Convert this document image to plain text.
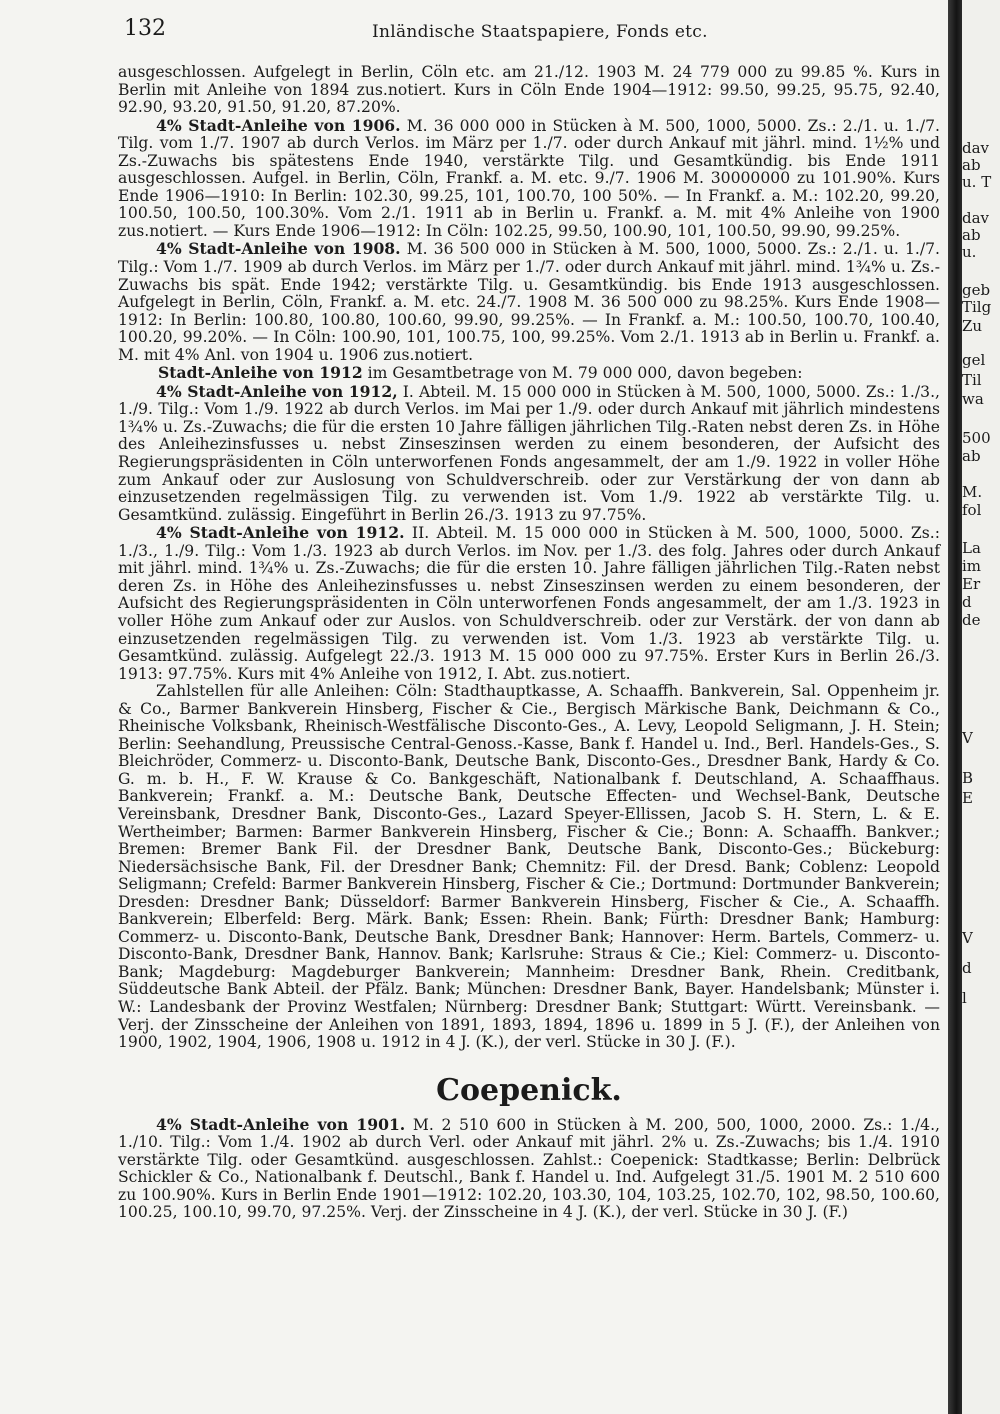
132	Inländische Staatspapiere, Fonds etc.

ausgeschlossen. Aufgelegt in Berlin, Cöln etc. am 21./12. 1903 M. 24 779 000 zu 99.85 %. Kurs in Berlin mit Anleihe von 1894 zus.notiert. Kurs in Cöln Ende 1904—1912: 99.50, 99.25, 95.75, 92.40, 92.90, 93.20, 91.50, 91.20, 87.20%.

4% Stadt-Anleihe von 1906. M. 36 000 000 in Stücken à M. 500, 1000, 5000. Zs.: 2./1. u. 1./7. Tilg. vom 1./7. 1907 ab durch Verlos. im März per 1./7. oder durch Ankauf mit jährl. mind. 1½% und Zs.-Zuwachs bis spätestens Ende 1940, verstärkte Tilg. und Gesamtkündig. bis Ende 1911 ausgeschlossen. Aufgel. in Berlin, Cöln, Frankf. a. M. etc. 9./7. 1906 M. 30000000 zu 101.90%. Kurs Ende 1906—1910: In Berlin: 102.30, 99.25, 101, 100.70, 100 50%. — In Frankf. a. M.: 102.20, 99.20, 100.50, 100.50, 100.30%. Vom 2./1. 1911 ab in Berlin u. Frankf. a. M. mit 4% Anleihe von 1900 zus.notiert. — Kurs Ende 1906—1912: In Cöln: 102.25, 99.50, 100.90, 101, 100.50, 99.90, 99.25%.

4% Stadt-Anleihe von 1908. M. 36 500 000 in Stücken à M. 500, 1000, 5000. Zs.: 2./1. u. 1./7. Tilg.: Vom 1./7. 1909 ab durch Verlos. im März per 1./7. oder durch Ankauf mit jährl. mind. 1¾% u. Zs.-Zuwachs bis spät. Ende 1942; verstärkte Tilg. u. Gesamtkündig. bis Ende 1913 ausgeschlossen. Aufgelegt in Berlin, Cöln, Frankf. a. M. etc. 24./7. 1908 M. 36 500 000 zu 98.25%. Kurs Ende 1908—1912: In Berlin: 100.80, 100.80, 100.60, 99.90, 99.25%. — In Frankf. a. M.: 100.50, 100.70, 100.40, 100.20, 99.20%. — In Cöln: 100.90, 101, 100.75, 100, 99.25%. Vom 2./1. 1913 ab in Berlin u. Frankf. a. M. mit 4% Anl. von 1904 u. 1906 zus.notiert.

Stadt-Anleihe von 1912 im Gesamtbetrage von M. 79 000 000, davon begeben:

4% Stadt-Anleihe von 1912, I. Abteil. M. 15 000 000 in Stücken à M. 500, 1000, 5000. Zs.: 1./3., 1./9. Tilg.: Vom 1./9. 1922 ab durch Verlos. im Mai per 1./9. oder durch Ankauf mit jährlich mindestens 1¾% u. Zs.-Zuwachs; die für die ersten 10 Jahre fälligen jährlichen Tilg.-Raten nebst deren Zs. in Höhe des Anleihezinsfusses u. nebst Zinseszinsen werden zu einem besonderen, der Aufsicht des Regierungspräsidenten in Cöln unterworfenen Fonds angesammelt, der am 1./9. 1922 in voller Höhe zum Ankauf oder zur Auslosung von Schuldverschreib. oder zur Verstärkung der von dann ab einzusetzenden regelmässigen Tilg. zu verwenden ist. Vom 1./9. 1922 ab verstärkte Tilg. u. Gesamtkünd. zulässig. Eingeführt in Berlin 26./3. 1913 zu 97.75%.

4% Stadt-Anleihe von 1912. II. Abteil. M. 15 000 000 in Stücken à M. 500, 1000, 5000. Zs.: 1./3., 1./9. Tilg.: Vom 1./3. 1923 ab durch Verlos. im Nov. per 1./3. des folg. Jahres oder durch Ankauf mit jährl. mind. 1¾% u. Zs.-Zuwachs; die für die ersten 10. Jahre fälligen jährlichen Tilg.-Raten nebst deren Zs. in Höhe des Anleihezinsfusses u. nebst Zinseszinsen werden zu einem besonderen, der Aufsicht des Regierungspräsidenten in Cöln unterworfenen Fonds angesammelt, der am 1./3. 1923 in voller Höhe zum Ankauf oder zur Auslos. von Schuldverschreib. oder zur Verstärk. der von dann ab einzusetzenden regelmässigen Tilg. zu verwenden ist. Vom 1./3. 1923 ab verstärkte Tilg. u. Gesamtkünd. zulässig. Aufgelegt 22./3. 1913 M. 15 000 000 zu 97.75%. Erster Kurs in Berlin 26./3. 1913: 97.75%. Kurs mit 4% Anleihe von 1912, I. Abt. zus.notiert.

Zahlstellen für alle Anleihen: Cöln: Stadthauptkasse, A. Schaaffh. Bankverein, Sal. Oppenheim jr. & Co., Barmer Bankverein Hinsberg, Fischer & Cie., Bergisch Märkische Bank, Deichmann & Co., Rheinische Volksbank, Rheinisch-Westfälische Disconto-Ges., A. Levy, Leopold Seligmann, J. H. Stein; Berlin: Seehandlung, Preussische Central-Genoss.-Kasse, Bank f. Handel u. Ind., Berl. Handels-Ges., S. Bleichröder, Commerz- u. Disconto-Bank, Deutsche Bank, Disconto-Ges., Dresdner Bank, Hardy & Co. G. m. b. H., F. W. Krause & Co. Bankgeschäft, Nationalbank f. Deutschland, A. Schaaffhaus. Bankverein; Frankf. a. M.: Deutsche Bank, Deutsche Effecten- und Wechsel-Bank, Deutsche Vereinsbank, Dresdner Bank, Disconto-Ges., Lazard Speyer-Ellissen, Jacob S. H. Stern, L. & E. Wertheimber; Barmen: Barmer Bankverein Hinsberg, Fischer & Cie.; Bonn: A. Schaaffh. Bankver.; Bremen: Bremer Bank Fil. der Dresdner Bank, Deutsche Bank, Disconto-Ges.; Bückeburg: Niedersächsische Bank, Fil. der Dresdner Bank; Chemnitz: Fil. der Dresd. Bank; Coblenz: Leopold Seligmann; Crefeld: Barmer Bankverein Hinsberg, Fischer & Cie.; Dortmund: Dortmunder Bankverein; Dresden: Dresdner Bank; Düsseldorf: Barmer Bankverein Hinsberg, Fischer & Cie., A. Schaaffh. Bankverein; Elberfeld: Berg. Märk. Bank; Essen: Rhein. Bank; Fürth: Dresdner Bank; Hamburg: Commerz- u. Disconto-Bank, Deutsche Bank, Dresdner Bank; Hannover: Herm. Bartels, Commerz- u. Disconto-Bank, Dresdner Bank, Hannov. Bank; Karlsruhe: Straus & Cie.; Kiel: Commerz- u. Disconto-Bank; Magdeburg: Magdeburger Bankverein; Mannheim: Dresdner Bank, Rhein. Creditbank, Süddeutsche Bank Abteil. der Pfälz. Bank; München: Dresdner Bank, Bayer. Handelsbank; Münster i. W.: Landesbank der Provinz Westfalen; Nürnberg: Dresdner Bank; Stuttgart: Württ. Vereinsbank. — Verj. der Zinsscheine der Anleihen von 1891, 1893, 1894, 1896 u. 1899 in 5 J. (F.), der Anleihen von 1900, 1902, 1904, 1906, 1908 u. 1912 in 4 J. (K.), der verl. Stücke in 30 J. (F.).

Coepenick.

4% Stadt-Anleihe von 1901. M. 2 510 600 in Stücken à M. 200, 500, 1000, 2000. Zs.: 1./4., 1./10. Tilg.: Vom 1./4. 1902 ab durch Verl. oder Ankauf mit jährl. 2% u. Zs.-Zuwachs; bis 1./4. 1910 verstärkte Tilg. oder Gesamtkünd. ausgeschlossen. Zahlst.: Coepenick: Stadtkasse; Berlin: Delbrück Schickler & Co., Nationalbank f. Deutschl., Bank f. Handel u. Ind. Aufgelegt 31./5. 1901 M. 2 510 600 zu 100.90%. Kurs in Berlin Ende 1901—1912: 102.20, 103.30, 104, 103.25, 102.70, 102, 98.50, 100.60, 100.25, 100.10, 99.70, 97.25%. Verj. der Zinsscheine in 4 J. (K.), der verl. Stücke in 30 J. (F.)

dav
ab
u. T
dav
ab
u.
geb
Tilg
Zu
gel
Til
wa
500
ab
M.
fol
La
im
Er
d
de
V
B
E
V
d
l
